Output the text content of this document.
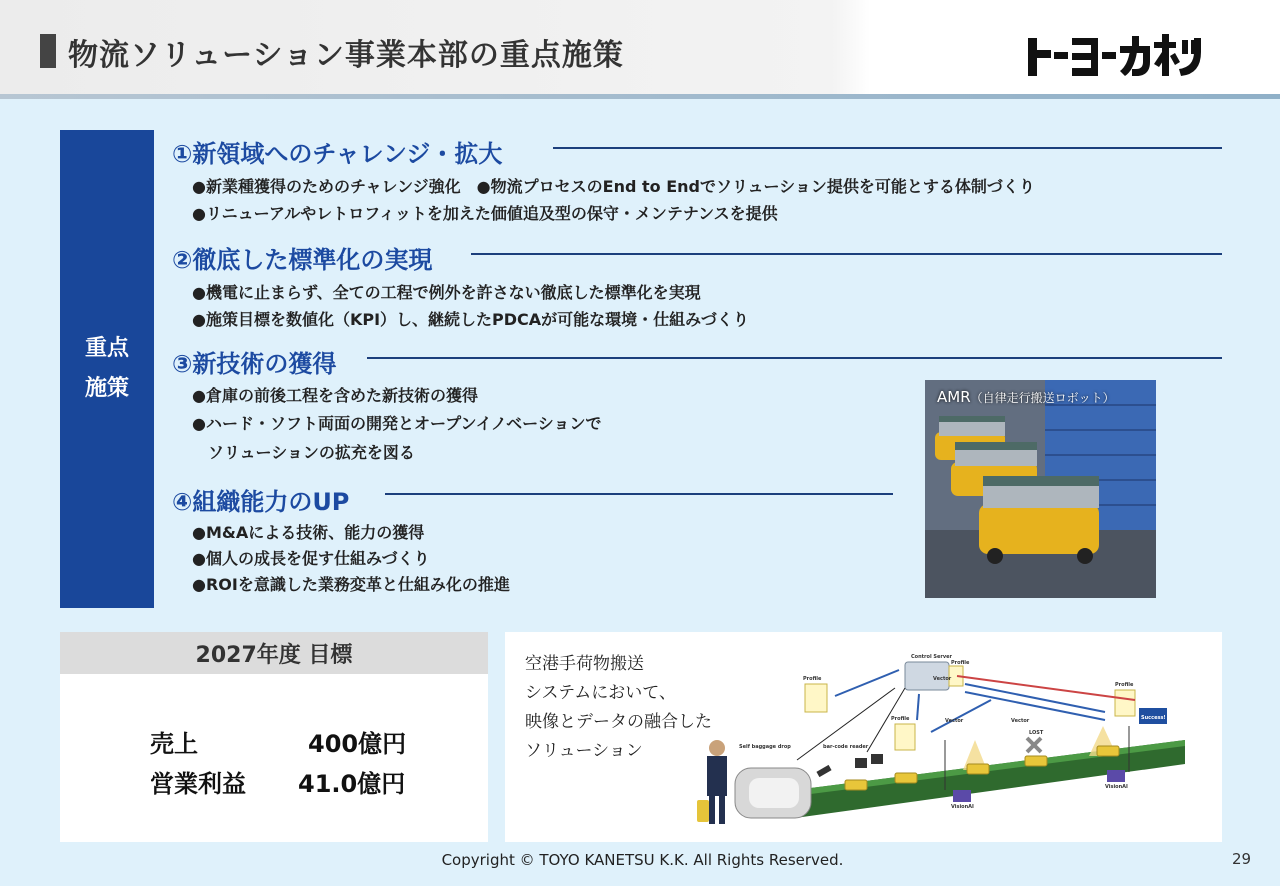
物流ソリューション事業本部の重点施策
重点
施策
①新領域へのチャレンジ・拡大
●新業種獲得のためのチャレンジ強化　●物流プロセスのEnd to Endでソリューション提供を可能とする体制づくり
●リニューアルやレトロフィットを加えた価値追及型の保守・メンテナンスを提供
②徹底した標準化の実現
●機電に止まらず、全ての工程で例外を許さない徹底した標準化を実現
●施策目標を数値化（KPI）し、継続したPDCAが可能な環境・仕組みづくり
③新技術の獲得
●倉庫の前後工程を含めた新技術の獲得
●ハード・ソフト両面の開発とオープンイノベーションで
　ソリューションの拡充を図る
④組織能力のUP
●M&Aによる技術、能力の獲得
●個人の成長を促す仕組みづくり
●ROIを意識した業務変革と仕組み化の推進
AMR（自律走行搬送ロボット）
2027年度 目標
売上	400億円
営業利益 41.0億円
空港手荷物搬送
システムにおいて、
映像とデータの融合した
ソリューション
Control Server
Profile
Profile
Profile
Profile
Vector
Vector	Vector
Self baggage drop	bar-code reader
LOST
VisionAI
VisionAI
Success!
Copyright © TOYO KANETSU K.K. All Rights Reserved.	29
